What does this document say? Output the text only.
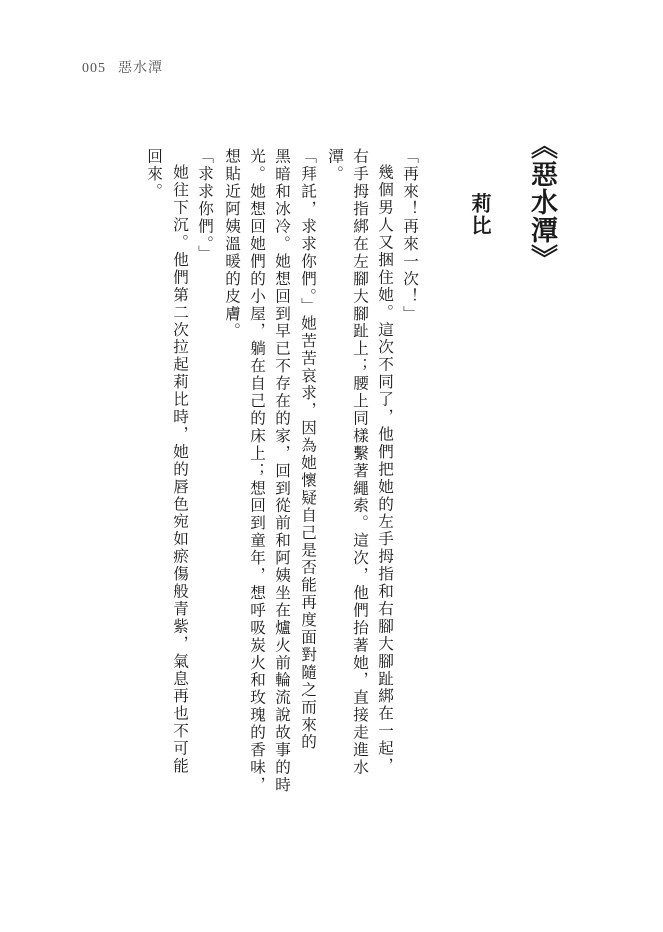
005 惡水潭
《惡水潭》
莉比

「再來！再來一次！」

幾個男人又捆住她。這次不同了，他們把她的左手拇指和右腳大腳趾綁在一起，

右手拇指綁在左腳大腳趾上；腰上同樣繫著繩索。這次，他們抬著她，直接走進水

潭。

「拜託，求求你們。」她苦苦哀求，因為她懷疑自己是否能再度面對隨之而來的

黑暗和冰冷。她想回到早已不存在的家，回到從前和阿姨坐在爐火前輪流說故事的時

光。她想回她們的小屋，躺在自己的床上；想回到童年，想呼吸炭火和玫瑰的香味，

想貼近阿姨溫暖的皮膚。

「求求你們。」

她往下沉。他們第二次拉起莉比時，她的唇色宛如瘀傷般青紫，氣息再也不可能

回來。
